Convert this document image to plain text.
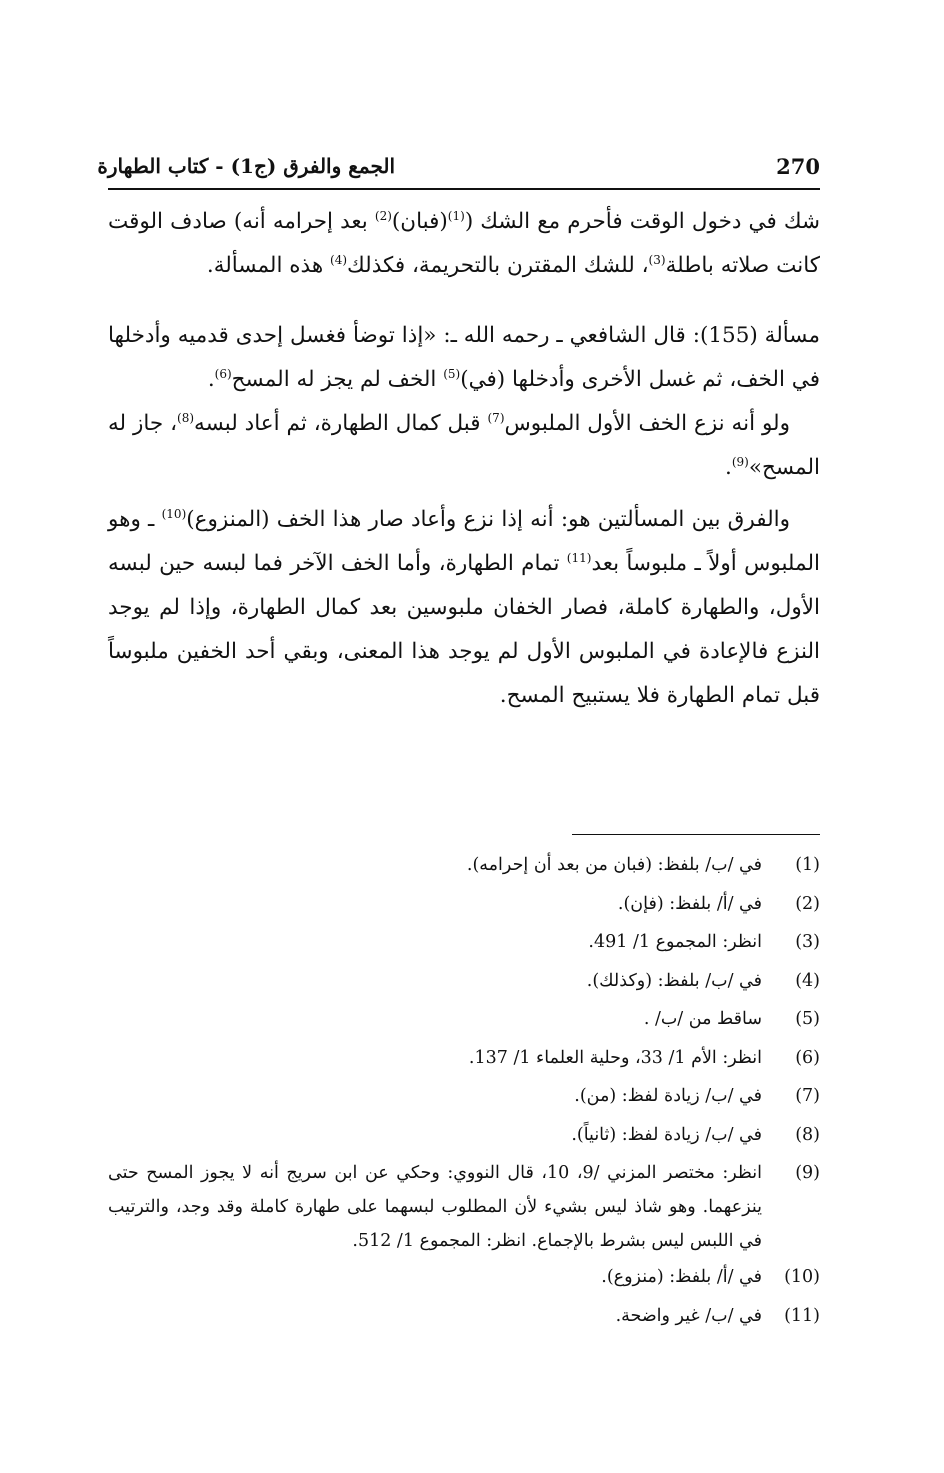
270
الجمع والفرق (ج1) - كتاب الطهارة

شك في دخول الوقت فأحرم مع الشك ($^{(1)}$(فبان)$^{(2)}$ بعد إحرامه أنه) صادف الوقت كانت صلاته باطلة$^{(3)}$، للشك المقترن بالتحريمة، فكذلك$^{(4)}$ هذه المسألة.

مسألة (155): قال الشافعي ـ رحمه الله ـ: «إذا توضأ فغسل إحدى قدميه وأدخلها في الخف، ثم غسل الأخرى وأدخلها (في)$^{(5)}$ الخف لم يجز له المسح$^{(6)}$.

ولو أنه نزع الخف الأول الملبوس$^{(7)}$ قبل كمال الطهارة، ثم أعاد لبسه$^{(8)}$، جاز له المسح»$^{(9)}$.

والفرق بين المسألتين هو: أنه إذا نزع وأعاد صار هذا الخف (المنزوع)$^{(10)}$ ـ وهو الملبوس أولاً ـ ملبوساً بعد$^{(11)}$ تمام الطهارة، وأما الخف الآخر فما لبسه حين لبسه الأول، والطهارة كاملة، فصار الخفان ملبوسين بعد كمال الطهارة، وإذا لم يوجد النزع فالإعادة في الملبوس الأول لم يوجد هذا المعنى، وبقي أحد الخفين ملبوساً قبل تمام الطهارة فلا يستبيح المسح.

(1)
في /ب/ بلفظ: (فبان من بعد أن إحرامه).
(2)
في /أ/ بلفظ: (فإن).
(3)
انظر: المجموع 1/ 491.
(4)
في /ب/ بلفظ: (وكذلك).
(5)
ساقط من /ب/ .
(6)
انظر: الأم 1/ 33، وحلية العلماء 1/ 137.
(7)
في /ب/ زيادة لفظ: (من).
(8)
في /ب/ زيادة لفظ: (ثانياً).
(9)
انظر: مختصر المزني /9، 10، قال النووي: وحكي عن ابن سريج أنه لا يجوز المسح حتى ينزعهما. وهو شاذ ليس بشيء لأن المطلوب لبسهما على طهارة كاملة وقد وجد، والترتيب في اللبس ليس بشرط بالإجماع. انظر: المجموع 1/ 512.
(10)
في /أ/ بلفظ: (منزوع).
(11)
في /ب/ غير واضحة.
